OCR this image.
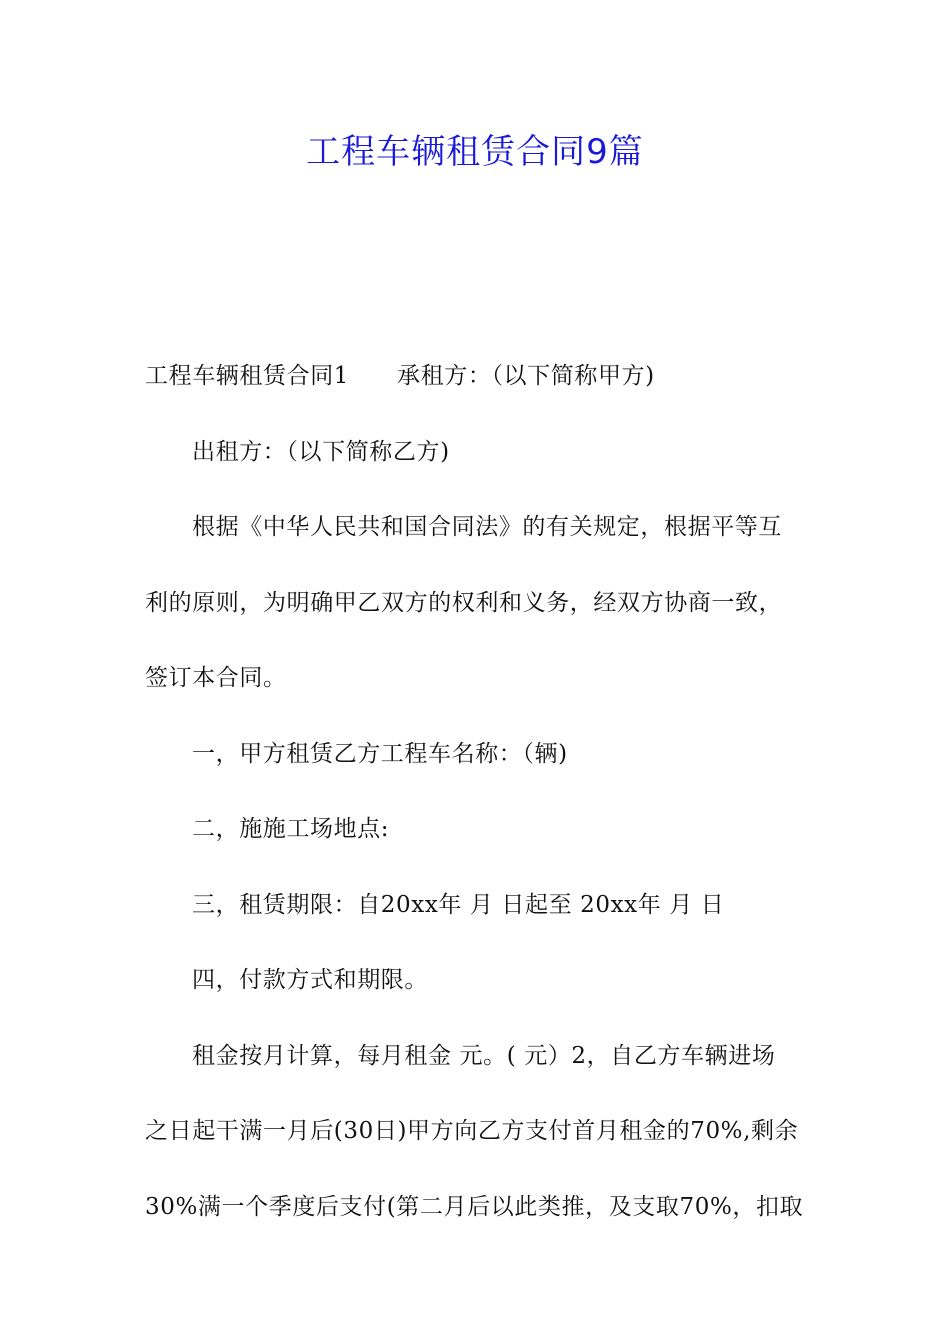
工程车辆租赁合同9篇

工程车辆租赁合同1 承租方：（以下简称甲方)

出租方：（以下简称乙方)

根据《中华人民共和国合同法》的有关规定，根据平等互

利的原则，为明确甲乙双方的权利和义务，经双方协商一致，

签订本合同。

一，甲方租赁乙方工程车名称：（辆)

二，施施工场地点:

三，租赁期限：自20xx年 月 日起至 20xx年 月 日

四，付款方式和期限。

租金按月计算，每月租金 元。( 元）2，自乙方车辆进场

之日起干满一月后(30日)甲方向乙方支付首月租金的70%,剩余

30%满一个季度后支付(第二月后以此类推，及支取70%，扣取
